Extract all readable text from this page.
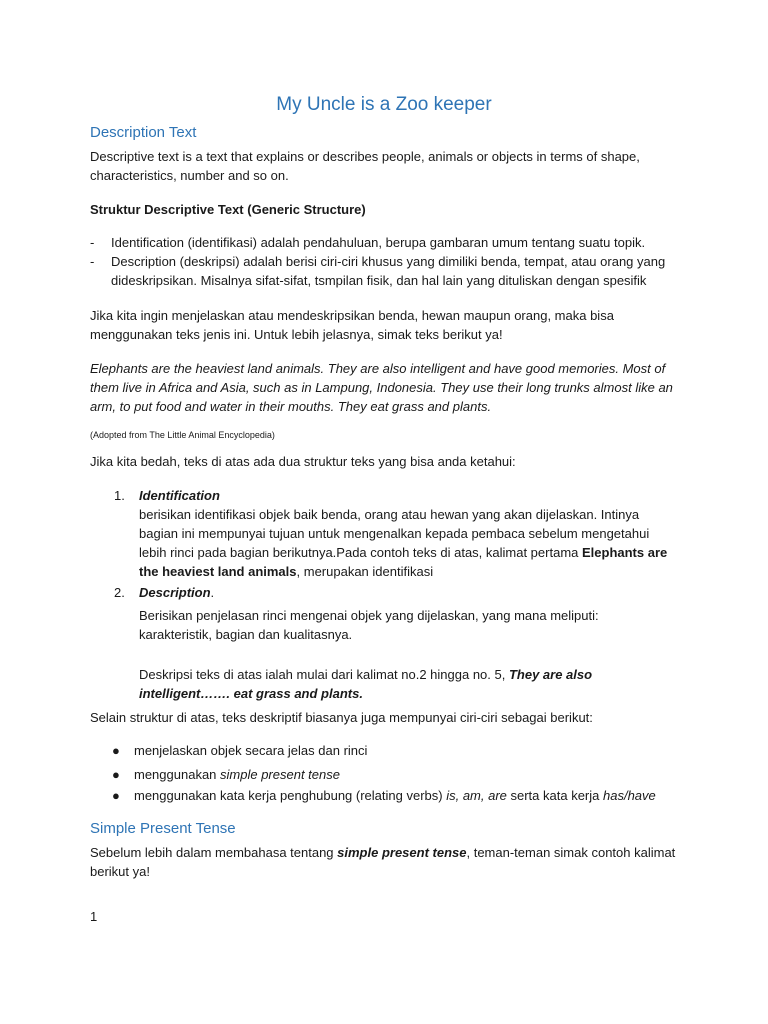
My Uncle is a Zoo keeper
Description Text

Descriptive text is a text that explains or describes people, animals or objects in terms of shape, characteristics, number and so on.

Struktur Descriptive Text (Generic Structure)

- Identification (identifikasi) adalah pendahuluan, berupa gambaran umum tentang suatu topik.
- Description (deskripsi) adalah berisi ciri-ciri khusus yang dimiliki benda, tempat, atau orang yang dideskripsikan. Misalnya sifat-sifat, tsmpilan fisik, dan hal lain yang dituliskan dengan spesifik

Jika kita ingin menjelaskan atau mendeskripsikan benda, hewan maupun orang, maka bisa menggunakan teks jenis ini. Untuk lebih jelasnya, simak teks berikut ya!

Elephants are the heaviest land animals. They are also intelligent and have good memories. Most of them live in Africa and Asia, such as in Lampung, Indonesia. They use their long trunks almost like an arm, to put food and water in their mouths. They eat grass and plants.

(Adopted from The Little Animal Encyclopedia)

Jika kita bedah, teks di atas ada dua struktur teks yang bisa anda ketahui:

1.	Identification
berisikan identifikasi objek baik benda, orang atau hewan yang akan dijelaskan. Intinya bagian ini mempunyai tujuan untuk mengenalkan kepada pembaca sebelum mengetahui lebih rinci pada bagian berikutnya.Pada contoh teks di atas, kalimat pertama Elephants are the heaviest land animals, merupakan identifikasi
2.	Description.
Berisikan penjelasan rinci mengenai objek yang dijelaskan, yang mana meliputi: karakteristik, bagian dan kualitasnya.
Deskripsi teks di atas ialah mulai dari kalimat no.2 hingga no. 5, They are also intelligent……. eat grass and plants.

Selain struktur di atas, teks deskriptif biasanya juga mempunyai ciri-ciri sebagai berikut:

● menjelaskan objek secara jelas dan rinci
● menggunakan simple present tense
● menggunakan kata kerja penghubung (relating verbs) is, am, are serta kata kerja has/have
Simple Present Tense

Sebelum lebih dalam membahasa tentang simple present tense, teman-teman simak contoh kalimat berikut ya!

1
